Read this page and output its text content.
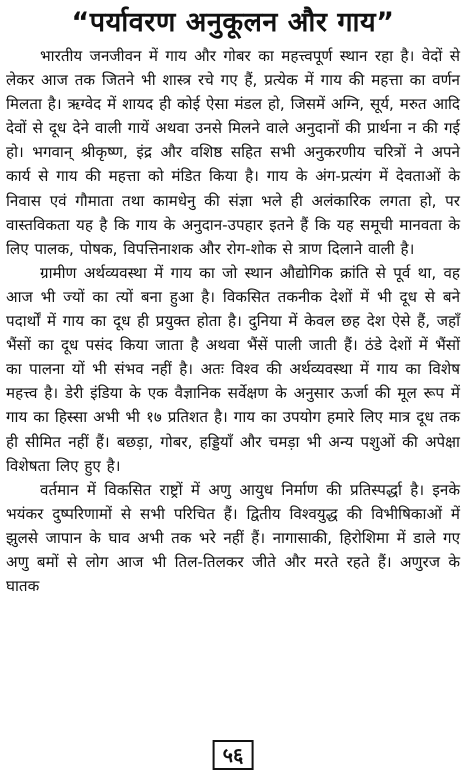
“पर्यावरण अनुकूलन और गाय”

भारतीय जनजीवन में गाय और गोबर का महत्त्वपूर्ण स्थान रहा है। वेदों से लेकर आज तक जितने भी शास्त्र रचे गए हैं, प्रत्येक में गाय की महत्ता का वर्णन मिलता है। ऋग्वेद में शायद ही कोई ऐसा मंडल हो, जिसमें अग्नि, सूर्य, मरुत आदि देवों से दूध देने वाली गायें अथवा उनसे मिलने वाले अनुदानों की प्रार्थना न की गई हो। भगवान् श्रीकृष्ण, इंद्र और वशिष्ठ सहित सभी अनुकरणीय चरित्रों ने अपने कार्य से गाय की महत्ता को मंडित किया है। गाय के अंग-प्रत्यंग में देवताओं के निवास एवं गौमाता तथा कामधेनु की संज्ञा भले ही अलंकारिक लगता हो, पर वास्तविकता यह है कि गाय के अनुदान-उपहार इतने हैं कि यह समूची मानवता के लिए पालक, पोषक, विपत्तिनाशक और रोग-शोक से त्राण दिलाने वाली है।

ग्रामीण अर्थव्यवस्था में गाय का जो स्थान औद्योगिक क्रांति से पूर्व था, वह आज भी ज्यों का त्यों बना हुआ है। विकसित तकनीक देशों में भी दूध से बने पदार्थों में गाय का दूध ही प्रयुक्त होता है। दुनिया में केवल छह देश ऐसे हैं, जहाँ भैंसों का दूध पसंद किया जाता है अथवा भैंसें पाली जाती हैं। ठंडे देशों में भैंसों का पालना यों भी संभव नहीं है। अतः विश्व की अर्थव्यवस्था में गाय का विशेष महत्त्व है। डेरी इंडिया के एक वैज्ञानिक सर्वेक्षण के अनुसार ऊर्जा की मूल रूप में गाय का हिस्सा अभी भी १७ प्रतिशत है। गाय का उपयोग हमारे लिए मात्र दूध तक ही सीमित नहीं हैं। बछड़ा, गोबर, हड्डियाँ और चमड़ा भी अन्य पशुओं की अपेक्षा विशेषता लिए हुए है।

वर्तमान में विकसित राष्ट्रों में अणु आयुध निर्माण की प्रतिस्पर्द्धा है। इनके भयंकर दुष्परिणामों से सभी परिचित हैं। द्वितीय विश्वयुद्ध की विभीषिकाओं में झुलसे जापान के घाव अभी तक भरे नहीं हैं। नागासाकी, हिरोशिमा में डाले गए अणु बमों से लोग आज भी तिल-तिलकर जीते और मरते रहते हैं। अणुरज के घातक

५६
